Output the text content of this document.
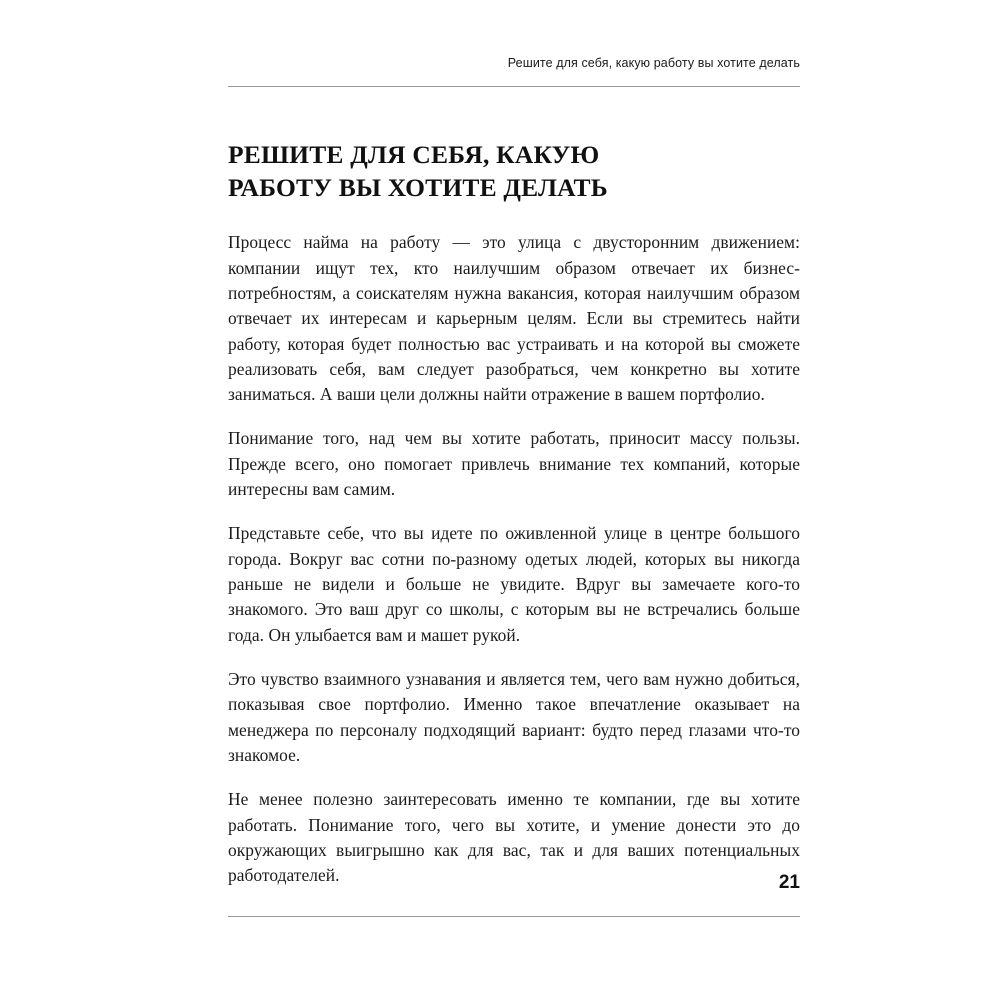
Решите для себя, какую работу вы хотите делать
РЕШИТЕ ДЛЯ СЕБЯ, КАКУЮ РАБОТУ ВЫ ХОТИТЕ ДЕЛАТЬ

Процесс найма на работу — это улица с двусторонним движением: компании ищут тех, кто наилучшим образом отвечает их бизнес-потребностям, а соискателям нужна вакансия, которая наилучшим образом отвечает их интересам и карьерным целям. Если вы стремитесь найти работу, которая будет полностью вас устраивать и на которой вы сможете реализовать себя, вам следует разобраться, чем конкретно вы хотите заниматься. А ваши цели должны найти отражение в вашем портфолио.

Понимание того, над чем вы хотите работать, приносит массу пользы. Прежде всего, оно помогает привлечь внимание тех компаний, которые интересны вам самим.

Представьте себе, что вы идете по оживленной улице в центре большого города. Вокруг вас сотни по-разному одетых людей, которых вы никогда раньше не видели и больше не увидите. Вдруг вы замечаете кого-то знакомого. Это ваш друг со школы, с которым вы не встречались больше года. Он улыбается вам и машет рукой.

Это чувство взаимного узнавания и является тем, чего вам нужно добиться, показывая свое портфолио. Именно такое впечатление оказывает на менеджера по персоналу подходящий вариант: будто перед глазами что-то знакомое.

Не менее полезно заинтересовать именно те компании, где вы хотите работать. Понимание того, чего вы хотите, и умение донести это до окружающих выигрышно как для вас, так и для ваших потенциальных работодателей.	21
